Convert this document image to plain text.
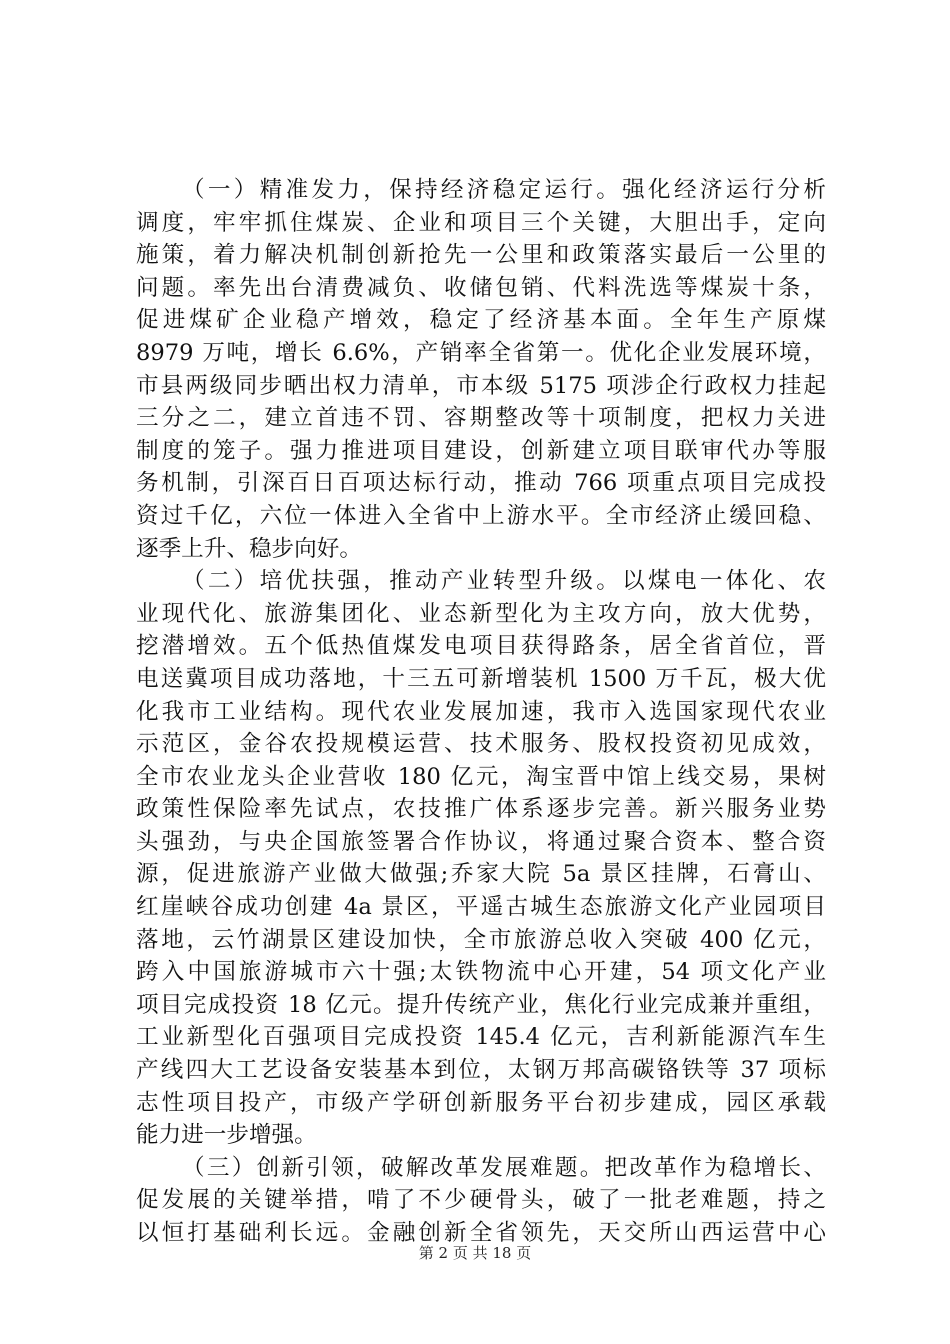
（一）精准发力，保持经济稳定运行。强化经济运行分析
调度，牢牢抓住煤炭、企业和项目三个关键，大胆出手，定向
施策，着力解决机制创新抢先一公里和政策落实最后一公里的
问题。率先出台清费减负、收储包销、代料洗选等煤炭十条，
促进煤矿企业稳产增效，稳定了经济基本面。全年生产原煤
8979 万吨，增长 6.6%，产销率全省第一。优化企业发展环境，
市县两级同步晒出权力清单，市本级 5175 项涉企行政权力挂起
三分之二，建立首违不罚、容期整改等十项制度，把权力关进
制度的笼子。强力推进项目建设，创新建立项目联审代办等服
务机制，引深百日百项达标行动，推动 766 项重点项目完成投
资过千亿，六位一体进入全省中上游水平。全市经济止缓回稳、
逐季上升、稳步向好。
（二）培优扶强，推动产业转型升级。以煤电一体化、农
业现代化、旅游集团化、业态新型化为主攻方向，放大优势，
挖潜增效。五个低热值煤发电项目获得路条，居全省首位，晋
电送冀项目成功落地，十三五可新增装机 1500 万千瓦，极大优
化我市工业结构。现代农业发展加速，我市入选国家现代农业
示范区，金谷农投规模运营、技术服务、股权投资初见成效，
全市农业龙头企业营收 180 亿元，淘宝晋中馆上线交易，果树
政策性保险率先试点，农技推广体系逐步完善。新兴服务业势
头强劲，与央企国旅签署合作协议，将通过聚合资本、整合资
源，促进旅游产业做大做强;乔家大院 5a 景区挂牌，石膏山、
红崖峡谷成功创建 4a 景区，平遥古城生态旅游文化产业园项目
落地，云竹湖景区建设加快，全市旅游总收入突破 400 亿元，
跨入中国旅游城市六十强;太铁物流中心开建，54 项文化产业
项目完成投资 18 亿元。提升传统产业，焦化行业完成兼并重组，
工业新型化百强项目完成投资 145.4 亿元，吉利新能源汽车生
产线四大工艺设备安装基本到位，太钢万邦高碳铬铁等 37 项标
志性项目投产，市级产学研创新服务平台初步建成，园区承载
能力进一步增强。
（三）创新引领，破解改革发展难题。把改革作为稳增长、
促发展的关键举措，啃了不少硬骨头，破了一批老难题，持之
以恒打基础利长远。金融创新全省领先，天交所山西运营中心
第 2 页 共 18 页
